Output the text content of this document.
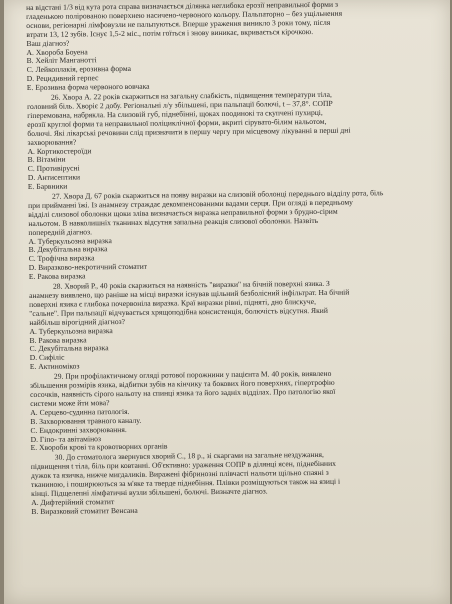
на відстані 1/3 від кута рота справа визначається ділянка неглибока ерозії неправильної форми з
гладенькою полірованою поверхнею насичено-червоного кольору. Пальпаторно – без ущільнення
основи, регіонарні лімфовузли не пальпуються. Вперше ураження виникло 3 роки тому, після
втрати 13, 12 зубів. Існує 1,5-2 міс., потім гоїться і знову виникає, вкривається кірочкою.
Ваш діагноз?
A. Хвороба Боуена
B. Хейліт Манганотті
C. Лейкоплакія, ерозивна форма
D. Рецидивний герпес
E. Ерозивна форма червоного вовчака
26. Хвора А. 22 років скаржиться на загальну слабкість, підвищення температури тіла,
головний біль. Хворіє 2 добу. Регіональні л/у збільшені, при пальпації болючі, t – 37,8°. СОПР
гіперемована, набрякла. На слизовій губ, піднебінні, щоках поодинокі та скупчені пухирці,
ерозії круглої форми та неправильної поліциклічної форми, вкриті сірувато-білим нальотом,
болючі. Які лікарські речовини слід призначити в першу чергу при місцевому лікуванні в перші дні
захворювання?
A. Кортикостероїди
B. Вітаміни
C. Противірусні
D. Антисептики
E. Барвники
27. Хвора Д. 67 років скаржиться на появу виразки на слизовій оболонці переднього відділу рота, біль
при прийманні їжі. Із анамнезу страждає декомпенсованими вадами серця. При огляді в передньому
відділі слизової оболонки щоки зліва визначається виразка неправильної форми з брудно-сірим
нальотом. В навколишніх тканинах відсутня запальна реакція слизової оболонки. Назвіть
попередній діагноз.
A. Туберкульозна виразка
B. Декубітальна виразка
C. Трофічна виразка
D. Виразково-некротичний стоматит
E. Ракова виразка
28. Хворий Р., 40 років скаржиться на наявність "виразки" на бічній поверхні язика. З
анамнезу виявлено, що раніше на місці виразки існував щільний безболісний інфільтрат. На бічній
поверхні язика є глибока почервоніла виразка. Краї виразки рівні, підняті, дно блискуче,
"сальне". При пальпації відчувається хрящоподібна консистенція, болючість відсутня. Який
найбільш вірогідний діагноз?
A. Туберкульозна виразка
B. Ракова виразка
C. Декубітальна виразка
D. Сифіліс
E. Актиномікоз
29. При профілактичному огляді ротової порожнини у пацієнта М. 40 років, виявлено
збільшення розмірів язика, відбитки зубів на кінчику та бокових його поверхнях, гіпертрофію
сосочків, наявність сірого нальоту на спинці язика та його задніх відділах. Про патологію якої
системи може йти мова?
A. Серцево-судинна патологія.
B. Захворювання травного каналу.
C. Ендокринні захворювання.
D. Гіпо- та авітаміноз
E. Хвороби крові та кровотворних органів
30. До стоматолога звернувся хворий С., 18 р., зі скаргами на загальне нездужання,
підвищення t тіла, біль при ковтанні. Об'єктивно: ураження СОПР в ділянці ясен, піднебінних
дужок та язичка, нижче мигдаликів. Виражені фібринозні плівчасті нальоти щільно спаяні з
тканиною, і поширюються за м'яке та тверде піднебіння. Плівки розміщуються також на язиці і
кінці. Підщелепні лімфатичні вузли збільшені, болючі. Визначте діагноз.
A. Дифтерійний стоматит
B. Виразковий стоматит Венсана
